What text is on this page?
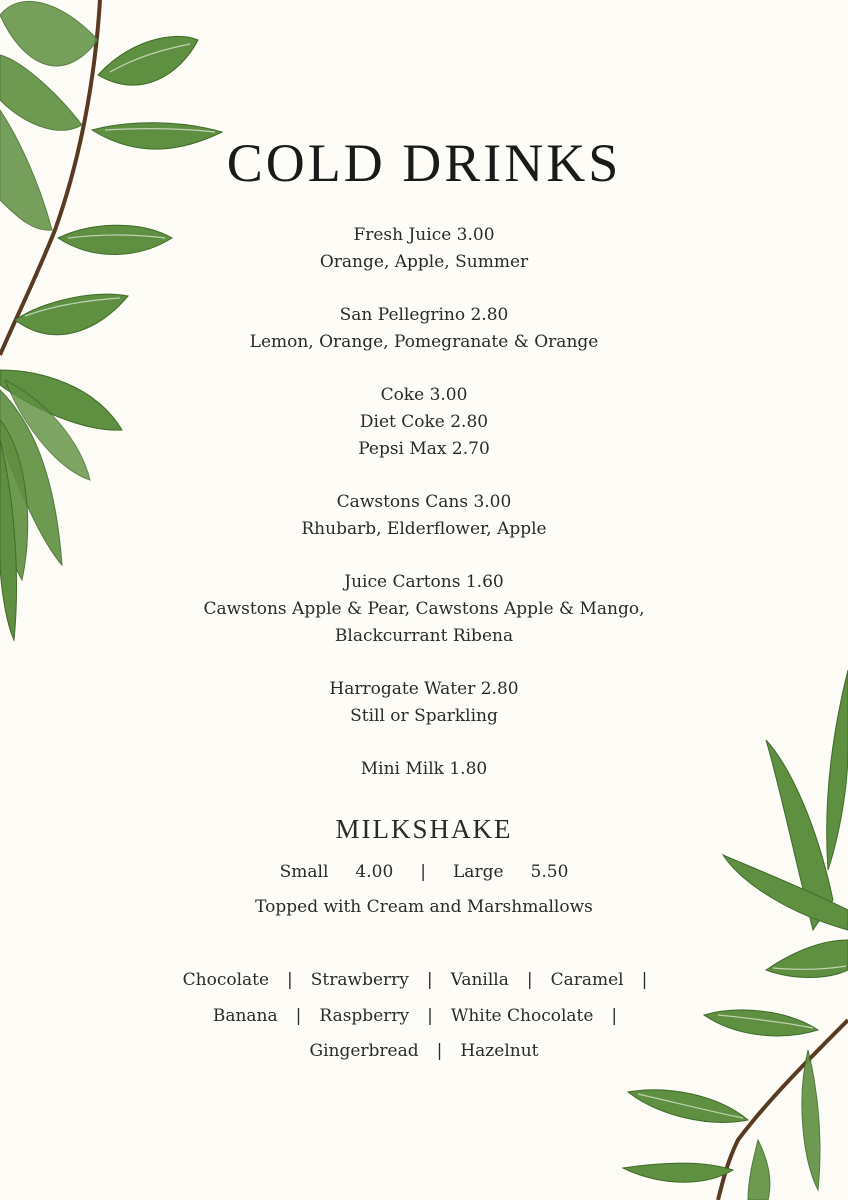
COLD DRINKS
Fresh Juice 3.00
Orange, Apple, Summer
San Pellegrino 2.80
Lemon, Orange, Pomegranate & Orange
Coke 3.00
Diet Coke 2.80
Pepsi Max 2.70
Cawstons Cans 3.00
Rhubarb, Elderflower, Apple
Juice Cartons 1.60
Cawstons Apple & Pear, Cawstons Apple & Mango,
Blackcurrant Ribena
Harrogate Water 2.80
Still or Sparkling
Mini Milk 1.80
MILKSHAKE
Small     4.00     |     Large     5.50
Topped with Cream and Marshmallows
Chocolate | Strawberry | Vanilla | Caramel |
Banana | Raspberry | White Chocolate |
Gingerbread | Hazelnut
